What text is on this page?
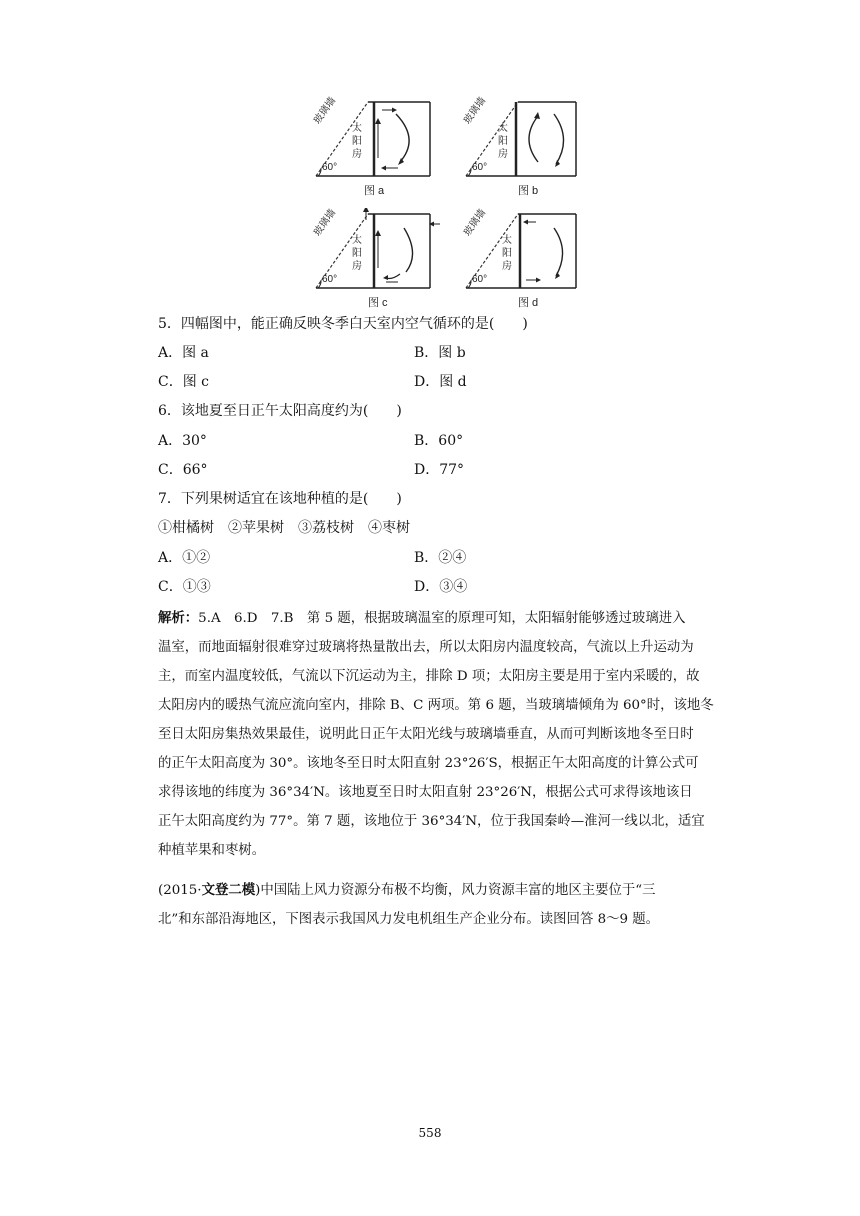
玻璃墙
太阳房
60°
图 a
玻璃墙
太阳房
60°
图 b
玻璃墙
太阳房
60°
图 c
玻璃墙
太阳房
60°
图 d
5．四幅图中，能正确反映冬季白天室内空气循环的是(　　)
A．图 a	B．图 b
C．图 c	D．图 d
6．该地夏至日正午太阳高度约为(　　)
A．30°	B．60°
C．66°	D．77°
7．下列果树适宜在该地种植的是(　　)
①柑橘树　②苹果树　③荔枝树　④枣树
A．①②	B．②④
C．①③	D．③④
解析：5.A　6.D　7.B　 第 5 题，根据玻璃温室的原理可知，太阳辐射能够透过玻璃进入
温室，而地面辐射很难穿过玻璃将热量散出去，所以太阳房内温度较高，气流以上升运动为
主，而室内温度较低，气流以下沉运动为主，排除 D 项；太阳房主要是用于室内采暖的，故
太阳房内的暖热气流应流向室内，排除 B、C 两项。第 6 题，当玻璃墙倾角为 60°时，该地冬
至日太阳房集热效果最佳，说明此日正午太阳光线与玻璃墙垂直，从而可判断该地冬至日时
的正午太阳高度为 30°。该地冬至日时太阳直射 23°26′S，根据正午太阳高度的计算公式可
求得该地的纬度为 36°34′N。该地夏至日时太阳直射 23°26′N，根据公式可求得该地该日
正午太阳高度约为 77°。第 7 题，该地位于 36°34′N，位于我国秦岭—淮河一线以北，适宜
种植苹果和枣树。
(2015·文登二模)中国陆上风力资源分布极不均衡，风力资源丰富的地区主要位于“三
北”和东部沿海地区，下图表示我国风力发电机组生产企业分布。读图回答 8～9 题。
558
